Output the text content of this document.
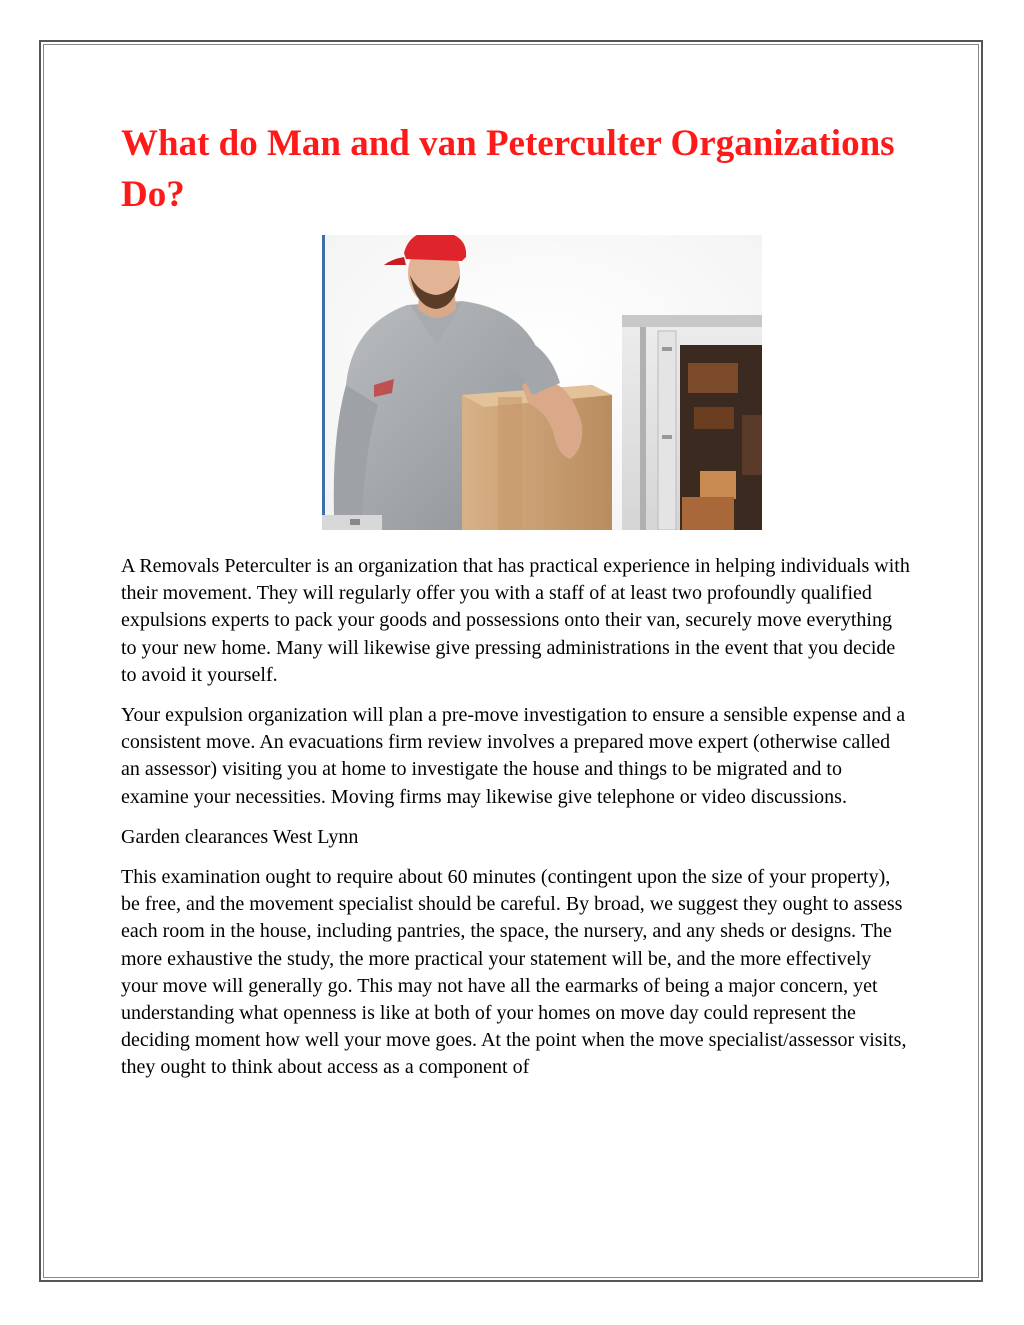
What do Man and van Peterculter Organizations Do?

A Removals Peterculter is an organization that has practical experience in helping individuals with their movement. They will regularly offer you with a staff of at least two profoundly qualified expulsions experts to pack your goods and possessions onto their van, securely move everything to your new home. Many will likewise give pressing administrations in the event that you decide to avoid it yourself.

Your expulsion organization will plan a pre-move investigation to ensure a sensible expense and a consistent move. An evacuations firm review involves a prepared move expert (otherwise called an assessor) visiting you at home to investigate the house and things to be migrated and to examine your necessities. Moving firms may likewise give telephone or video discussions.

Garden clearances West Lynn

This examination ought to require about 60 minutes (contingent upon the size of your property), be free, and the movement specialist should be careful. By broad, we suggest they ought to assess each room in the house, including pantries, the space, the nursery, and any sheds or designs. The more exhaustive the study, the more practical your statement will be, and the more effectively your move will generally go. This may not have all the earmarks of being a major concern, yet understanding what openness is like at both of your homes on move day could represent the deciding moment how well your move goes. At the point when the move specialist/assessor visits, they ought to think about access as a component of
